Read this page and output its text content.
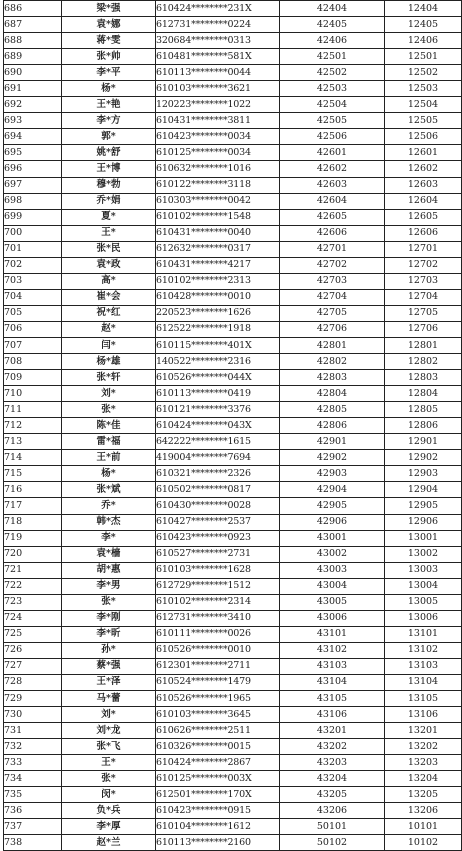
686	梁*强	610424********231X	42404	12404
687	袁*娜	612731********0224	42405	12405
688	蒋*雯	320684********0313	42406	12406
689	张*帅	610481********581X	42501	12501
690	李*平	610113********0044	42502	12502
691	杨*	610103********3621	42503	12503
692	王*艳	120223********1022	42504	12504
693	李*方	610431********3811	42505	12505
694	郭*	610423********0034	42506	12506
695	姚*舒	610125********0034	42601	12601
696	王*博	610632********1016	42602	12602
697	穆*勃	610122********3118	42603	12603
698	乔*娟	610303********0042	42604	12604
699	夏*	610102********1548	42605	12605
700	王*	610431********0040	42606	12606
701	张*民	612632********0317	42701	12701
702	袁*政	610431********4217	42702	12702
703	高*	610102********2313	42703	12703
704	崔*会	610428********0010	42704	12704
705	祝*红	220523********1626	42705	12705
706	赵*	612522********1918	42706	12706
707	闫*	610115********401X	42801	12801
708	杨*雄	140522********2316	42802	12802
709	张*轩	610526********044X	42803	12803
710	刘*	610113********0419	42804	12804
711	张*	610121********3376	42805	12805
712	陈*佳	610424********043X	42806	12806
713	雷*福	642222********1615	42901	12901
714	王*前	419004********7694	42902	12902
715	杨*	610321********2326	42903	12903
716	张*斌	610502********0817	42904	12904
717	乔*	610430********0028	42905	12905
718	韩*杰	610427********2537	42906	12906
719	李*	610423********0923	43001	13001
720	袁*樯	610527********2731	43002	13002
721	胡*惠	610103********1628	43003	13003
722	李*男	612729********1512	43004	13004
723	张*	610102********2314	43005	13005
724	李*刚	612731********3410	43006	13006
725	李*昕	610111********0026	43101	13101
726	孙*	610526********0010	43102	13102
727	蔡*强	612301********2711	43103	13103
728	王*泽	610524********1479	43104	13104
729	马*蕾	610526********1965	43105	13105
730	刘*	610103********3645	43106	13106
731	刘*龙	610626********2511	43201	13201
732	张*飞	610326********0015	43202	13202
733	王*	610424********2867	43203	13203
734	张*	610125********003X	43204	13204
735	闵*	612501********170X	43205	13205
736	负*兵	610423********0915	43206	13206
737	李*厚	610104********1612	50101	10101
738	赵*兰	610113********2160	50102	10102
